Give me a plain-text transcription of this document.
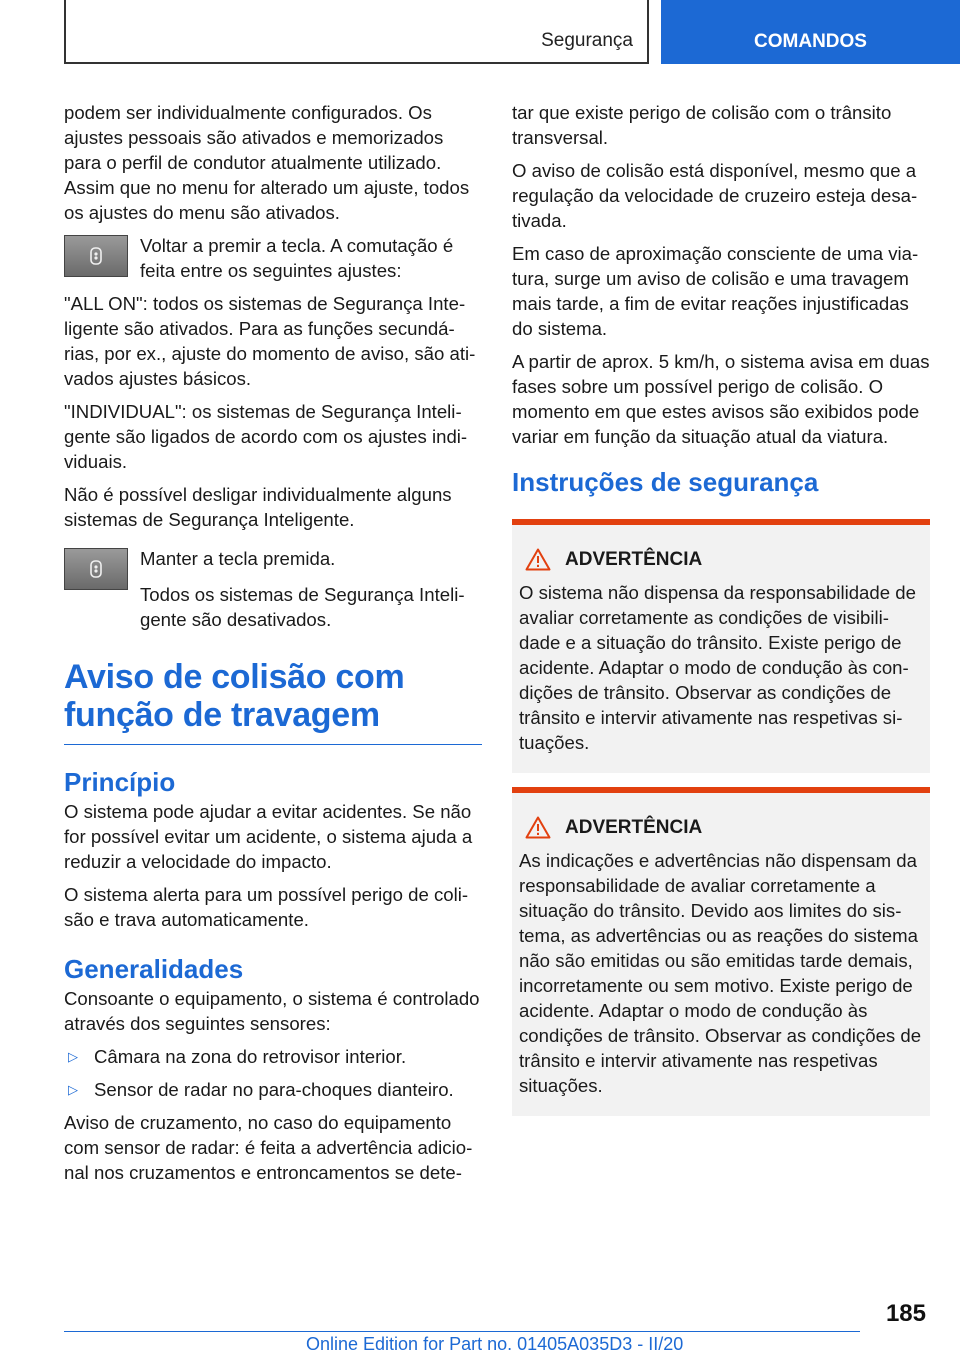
Segurança	COMANDOS

podem ser individualmente configurados. Os ajustes pessoais são ativados e memorizados para o perfil de condutor atualmente utilizado. Assim que no menu for alterado um ajuste, todos os ajustes do menu são ativados.

Voltar a premir a tecla. A comutação é feita entre os seguintes ajustes:

"ALL ON": todos os sistemas de Segurança Inteligente são ativados. Para as funções secundárias, por ex., ajuste do momento de aviso, são ativados ajustes básicos.

"INDIVIDUAL": os sistemas de Segurança Inteligente são ligados de acordo com os ajustes individuais.

Não é possível desligar individualmente alguns sistemas de Segurança Inteligente.

Manter a tecla premida.

Todos os sistemas de Segurança Inteligente são desativados.

Aviso de colisão com
função de travagem
Princípio

O sistema pode ajudar a evitar acidentes. Se não for possível evitar um acidente, o sistema ajuda a reduzir a velocidade do impacto.

O sistema alerta para um possível perigo de colisão e trava automaticamente.

Generalidades

Consoante o equipamento, o sistema é controlado através dos seguintes sensores:

▷ Câmara na zona do retrovisor interior.
▷ Sensor de radar no para-choques dianteiro.

Aviso de cruzamento, no caso do equipamento com sensor de radar: é feita a advertência adicional nos cruzamentos e entroncamentos se dete-

tar que existe perigo de colisão com o trânsito transversal.

O aviso de colisão está disponível, mesmo que a regulação da velocidade de cruzeiro esteja desativada.

Em caso de aproximação consciente de uma viatura, surge um aviso de colisão e uma travagem mais tarde, a fim de evitar reações injustificadas do sistema.

A partir de aprox. 5 km/h, o sistema avisa em duas fases sobre um possível perigo de colisão. O momento em que estes avisos são exibidos pode variar em função da situação atual da viatura.

Instruções de segurança
ADVERTÊNCIA

O sistema não dispensa da responsabilidade de avaliar corretamente as condições de visibilidade e a situação do trânsito. Existe perigo de acidente. Adaptar o modo de condução às condições de trânsito. Observar as condições de trânsito e intervir ativamente nas respetivas situações.

ADVERTÊNCIA

As indicações e advertências não dispensam da responsabilidade de avaliar corretamente a situação do trânsito. Devido aos limites do sistema, as advertências ou as reações do sistema não são emitidas ou são emitidas tarde demais, incorretamente ou sem motivo. Existe perigo de acidente. Adaptar o modo de condução às condições de trânsito. Observar as condições de trânsito e intervir ativamente nas respetivas situações.

185
Online Edition for Part no. 01405A035D3 - II/20
